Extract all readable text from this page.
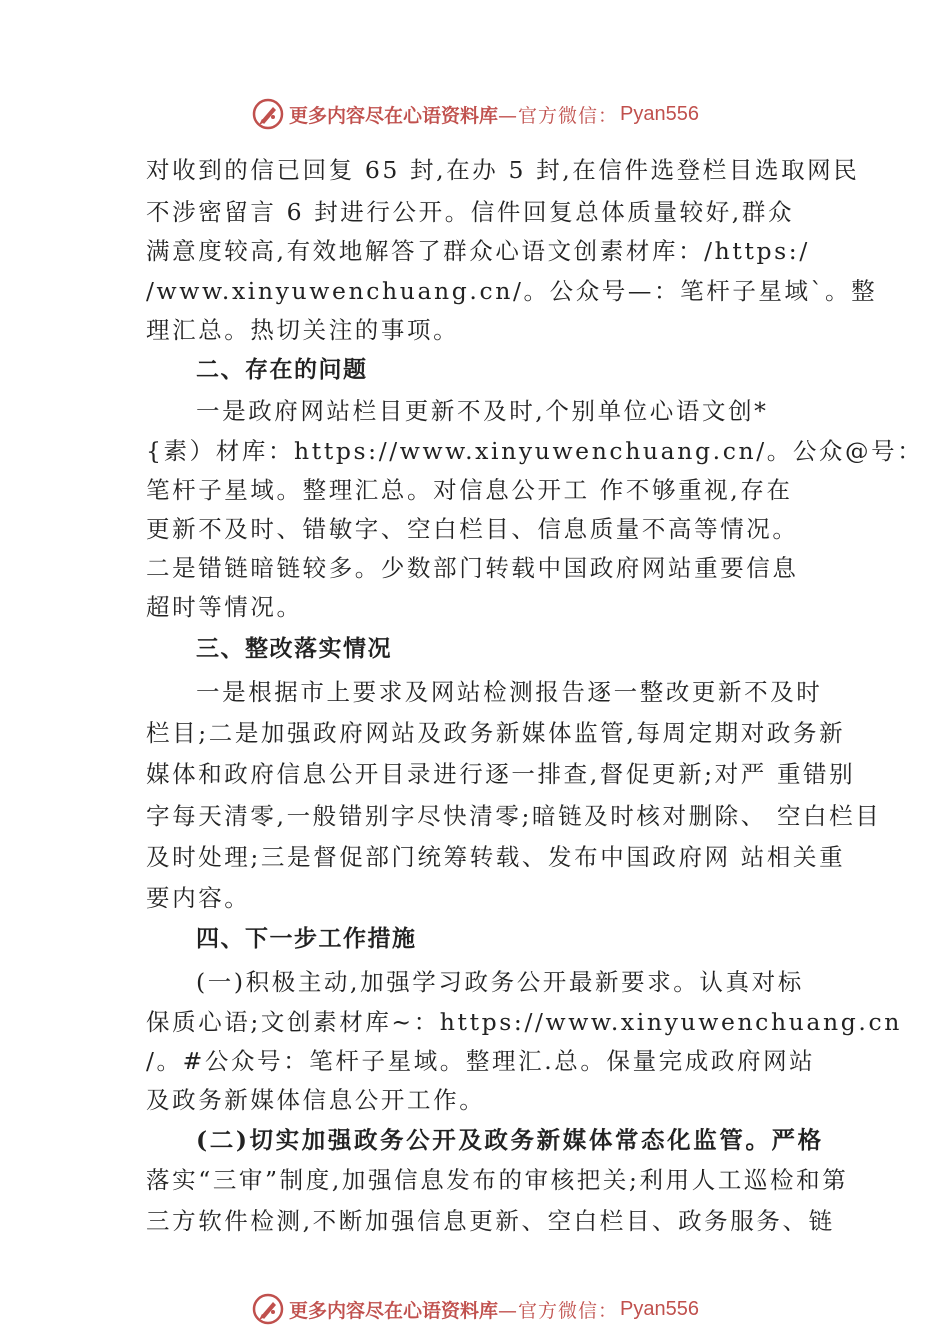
更多内容尽在心语资料库 —官方微信： Pyan556
对收到的信已回复 65 封,在办 5 封,在信件选登栏目选取网民
不涉密留言 6 封进行公开。信件回复总体质量较好,群众
满意度较高,有效地解答了群众心语文创素材库：/https:/
/www.xinyuwenchuang.cn/。公众号—：笔杆子星域`。整
理汇总。热切关注的事项。
二、存在的问题
一是政府网站栏目更新不及时,个别单位心语文创*
{素）材库：https://www.xinyuwenchuang.cn/。公众@号：
笔杆子星域。整理汇总。对信息公开工 作不够重视,存在
更新不及时、错敏字、空白栏目、信息质量不高等情况。
二是错链暗链较多。少数部门转载中国政府网站重要信息
超时等情况。
三、整改落实情况
一是根据市上要求及网站检测报告逐一整改更新不及时
栏目;二是加强政府网站及政务新媒体监管,每周定期对政务新
媒体和政府信息公开目录进行逐一排查,督促更新;对严 重错别
字每天清零,一般错别字尽快清零;暗链及时核对删除、 空白栏目
及时处理;三是督促部门统筹转载、发布中国政府网 站相关重
要内容。
四、下一步工作措施
(一)积极主动,加强学习政务公开最新要求。认真对标
保质心语;文创素材库~：https://www.xinyuwenchuang.cn
/。#公众号：笔杆子星域。整理汇.总。保量完成政府网站
及政务新媒体信息公开工作。
(二)切实加强政务公开及政务新媒体常态化监管。严格
落实“三审”制度,加强信息发布的审核把关;利用人工巡检和第
三方软件检测,不断加强信息更新、空白栏目、政务服务、链
更多内容尽在心语资料库 —官方微信： Pyan556
